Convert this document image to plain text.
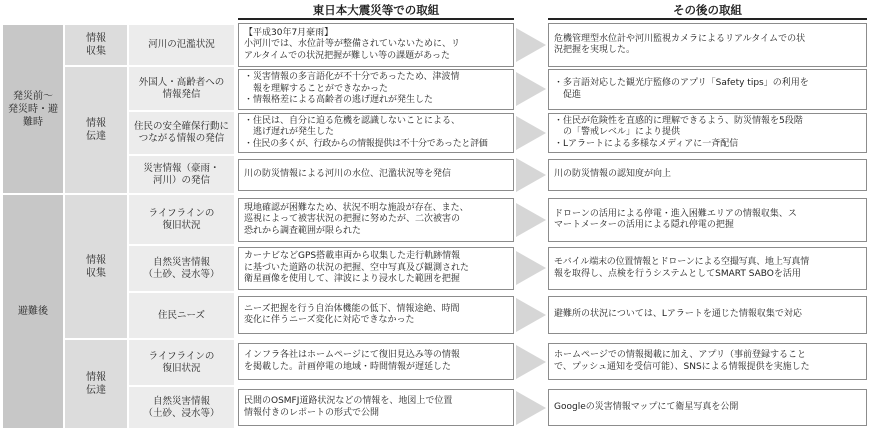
東日本大震災等での取組	その後の取組
発災前～
発災時・避
難時
避難後
情報
収集
情報
伝達
情報
収集
情報
伝達
河川の氾濫状況
【平成30年7月豪雨】
小河川では、水位計等が整備されていないために、リ
アルタイムでの状況把握が難しい等の課題があった
危機管理型水位計や河川監視カメラによるリアルタイムでの状
況把握を実現した。
外国人・高齢者への
情報発信
・災害情報の多言語化が不十分であったため、津波情
　報を理解することができなかった
・情報格差による高齢者の逃げ遅れが発生した
・多言語対応した観光庁監修のアプリ「Safety tips」の利用を
　促進
住民の安全確保行動に
つながる情報の発信
・住民は、自分に迫る危機を認識しないことによる、
　逃げ遅れが発生した
・住民の多くが、行政からの情報提供は不十分であったと評価
・住民が危険性を直感的に理解できるよう、防災情報を5段階
　の「警戒レベル」により提供
・Lアラートによる多様なメディアに一斉配信
災害情報（豪雨・
河川）の発信
川の防災情報による河川の水位、氾濫状況等を発信	川の防災情報の認知度が向上
ライフラインの
復旧状況
現地確認が困難なため、状況不明な施設が存在、また、
巡視によって被害状況の把握に努めたが、二次被害の
恐れから調査範囲が限られた
ドローンの活用による停電・進入困難エリアの情報収集、ス
マートメーターの活用による隠れ停電の把握
自然災害情報
（土砂、浸水等）
カーナビなどGPS搭載車両から収集した走行軌跡情報
に基づいた道路の状況の把握、空中写真及び観測された
衛星画像を使用して、津波により浸水した範囲を把握
モバイル端末の位置情報とドローンによる空撮写真、地上写真情
報を取得し、点検を行うシステムとしてSMART SABOを活用
住民ニーズ
ニーズ把握を行う自治体機能の低下、情報途絶、時間
変化に伴うニーズ変化に対応できなかった
避難所の状況については、Lアラートを通じた情報収集で対応
ライフラインの
復旧状況
インフラ各社はホームページにて復旧見込み等の情報
を掲載した。計画停電の地域・時間情報が遅延した
ホームページでの情報掲載に加え、アプリ（事前登録すること
で、プッシュ通知を受信可能）、SNSによる情報提供を実施した
自然災害情報
（土砂、浸水等）
民間のOSMFJ道路状況などの情報を、地図上で位置
情報付きのレポートの形式で公開
Googleの災害情報マップにて衛星写真を公開
